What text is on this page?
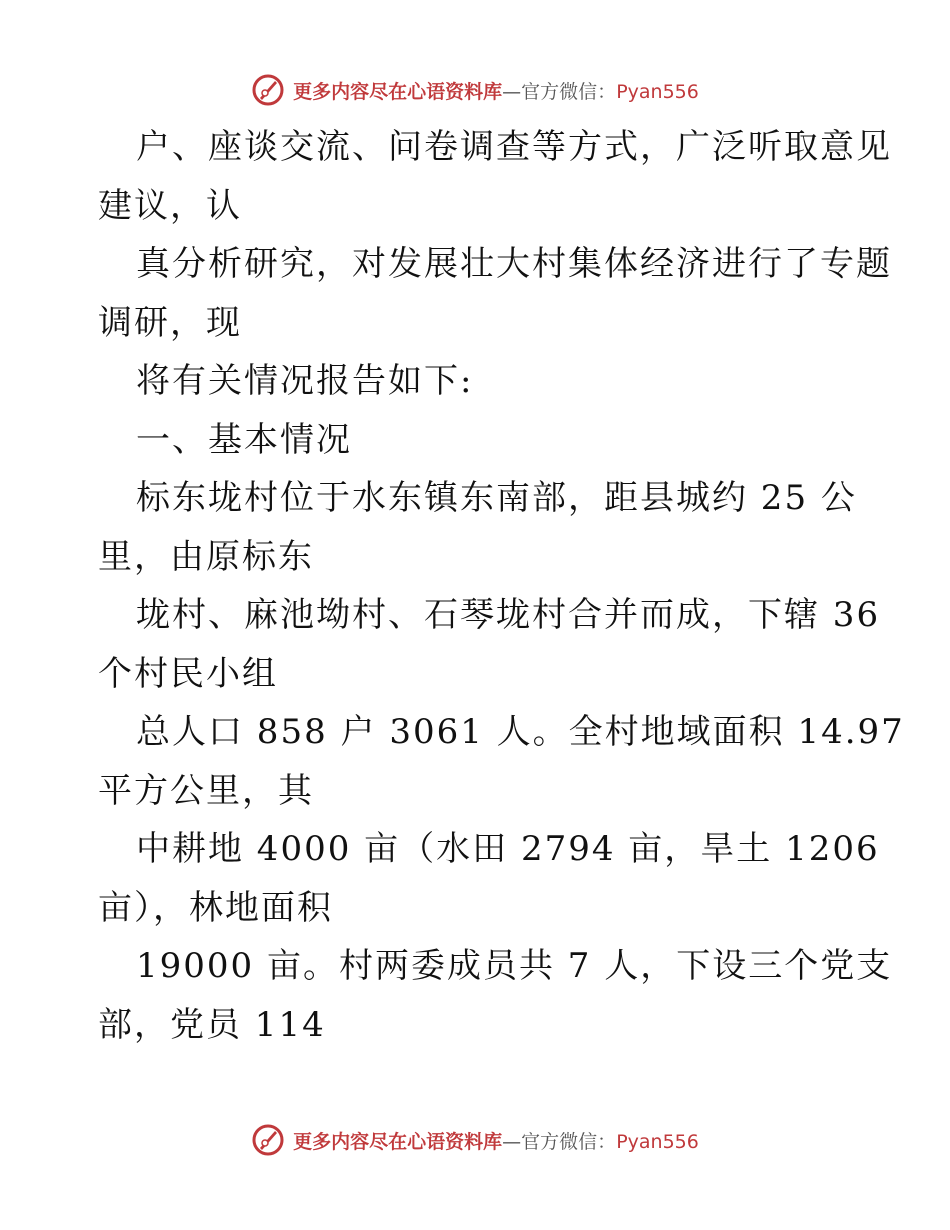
更多内容尽在心语资料库—官方微信：Pyan556
户、座谈交流、问卷调查等方式，广泛听取意见
建议，认
真分析研究，对发展壮大村集体经济进行了专题
调研，现
将有关情况报告如下:
一、基本情况
标东垅村位于水东镇东南部，距县城约 25 公
里，由原标东
垅村、麻池坳村、石琴垅村合并而成，下辖 36
个村民小组
总人口 858 户 3061 人。全村地域面积 14.97
平方公里，其
中耕地 4000 亩（水田 2794 亩，旱土 1206
亩），林地面积
19000 亩。村两委成员共 7 人，下设三个党支
部，党员 114
更多内容尽在心语资料库—官方微信：Pyan556
